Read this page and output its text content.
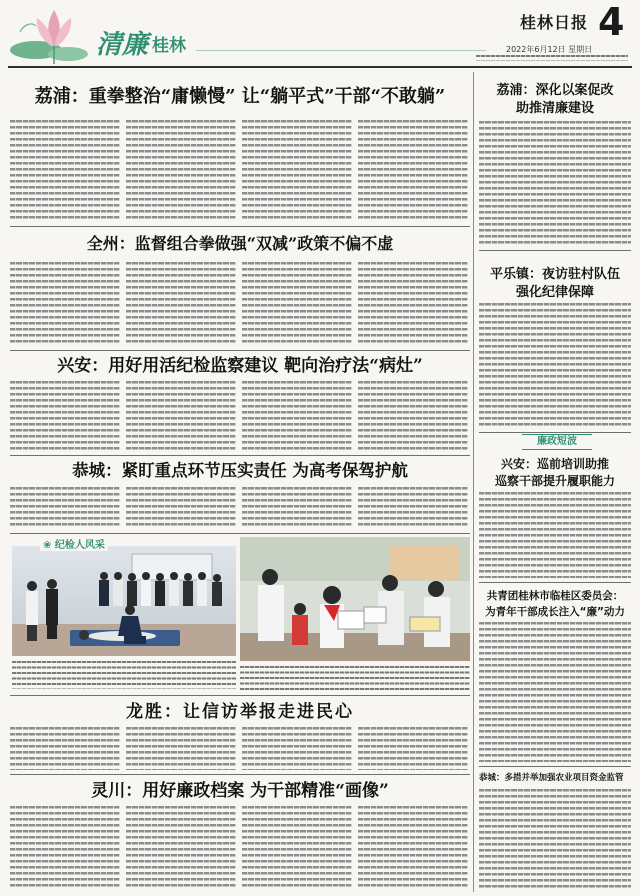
清廉 桂林
桂林日报 4
2022年6月12日 星期日
荔浦：重拳整治“庸懒慢” 让“躺平式”干部“不敢躺”
全州：监督组合拳做强“双减”政策不偏不虚
兴安：用好用活纪检监察建议 靶向治疗法“病灶”
恭城：紧盯重点环节压实责任 为高考保驾护航
❀ 纪检人风采
龙胜：让信访举报走进民心
灵川：用好廉政档案 为干部精准“画像”
荔浦：深化以案促改
助推清廉建设
平乐镇：夜访驻村队伍
强化纪律保障
廉政短波
兴安：巡前培训助推
巡察干部提升履职能力
共青团桂林市临桂区委员会：
为青年干部成长注入“廉”动力
恭城：多措并举加强农业项目资金监管
